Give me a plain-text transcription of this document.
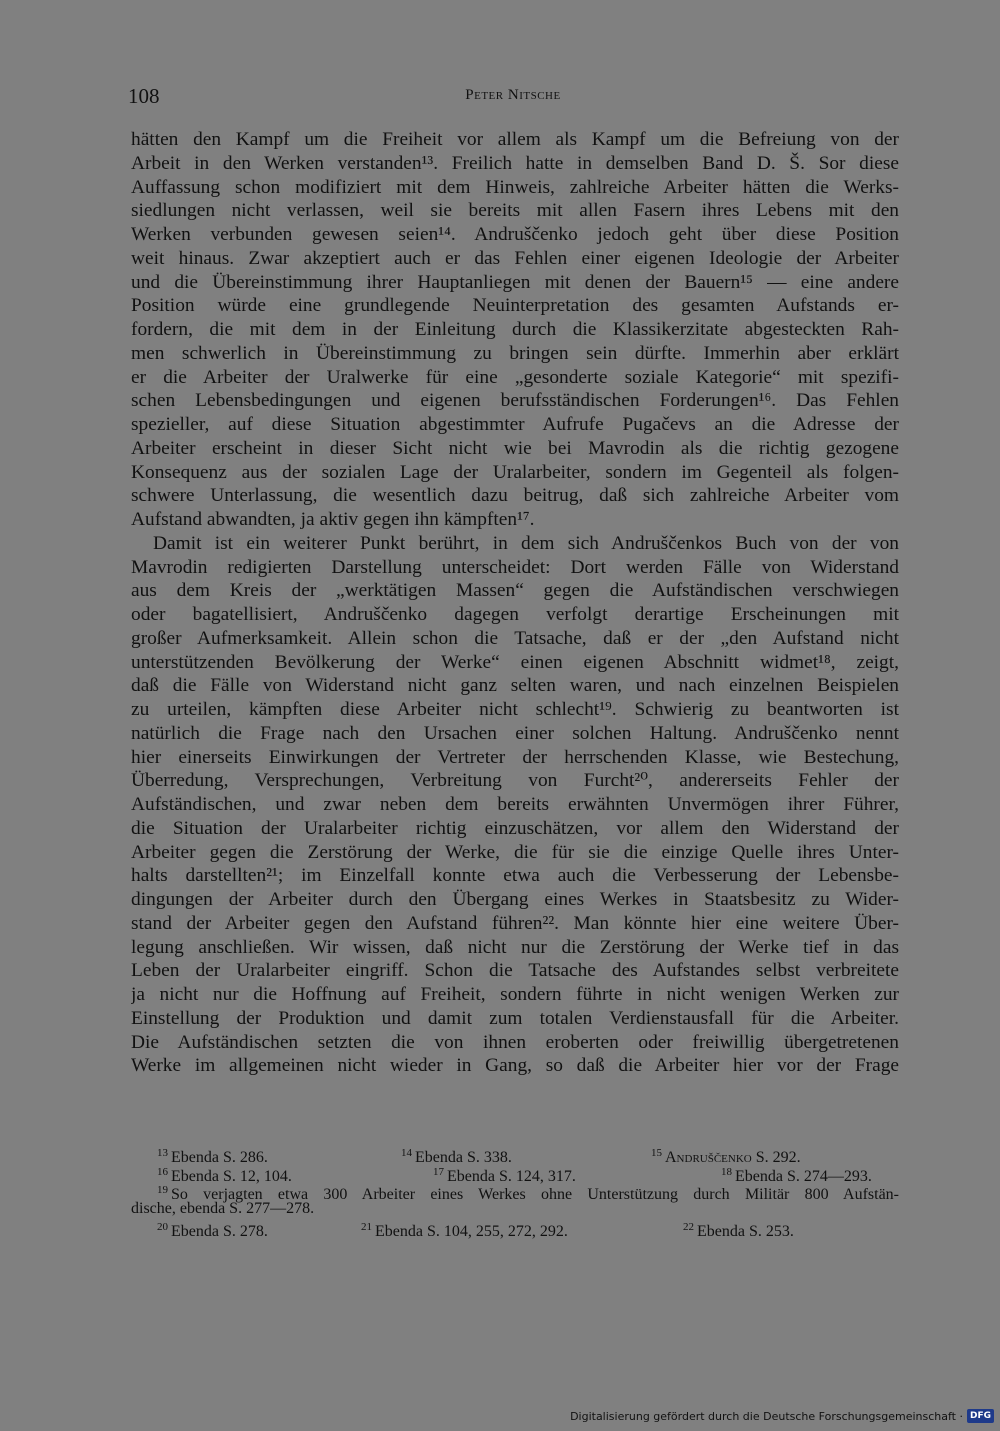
108	Peter Nitsche
hätten den Kampf um die Freiheit vor allem als Kampf um die Befreiung von der
Arbeit in den Werken verstanden¹³. Freilich hatte in demselben Band D. Š. Sor diese
Auffassung schon modifiziert mit dem Hinweis, zahlreiche Arbeiter hätten die Werks-
siedlungen nicht verlassen, weil sie bereits mit allen Fasern ihres Lebens mit den
Werken verbunden gewesen seien¹⁴. Andruščenko jedoch geht über diese Position
weit hinaus. Zwar akzeptiert auch er das Fehlen einer eigenen Ideologie der Arbeiter
und die Übereinstimmung ihrer Hauptanliegen mit denen der Bauern¹⁵ — eine andere
Position würde eine grundlegende Neuinterpretation des gesamten Aufstands er-
fordern, die mit dem in der Einleitung durch die Klassikerzitate abgesteckten Rah-
men schwerlich in Übereinstimmung zu bringen sein dürfte. Immerhin aber erklärt
er die Arbeiter der Uralwerke für eine „gesonderte soziale Kategorie“ mit spezifi-
schen Lebensbedingungen und eigenen berufsständischen Forderungen¹⁶. Das Fehlen
spezieller, auf diese Situation abgestimmter Aufrufe Pugačevs an die Adresse der
Arbeiter erscheint in dieser Sicht nicht wie bei Mavrodin als die richtig gezogene
Konsequenz aus der sozialen Lage der Uralarbeiter, sondern im Gegenteil als folgen-
schwere Unterlassung, die wesentlich dazu beitrug, daß sich zahlreiche Arbeiter vom
Aufstand abwandten, ja aktiv gegen ihn kämpften¹⁷.
Damit ist ein weiterer Punkt berührt, in dem sich Andruščenkos Buch von der von
Mavrodin redigierten Darstellung unterscheidet: Dort werden Fälle von Widerstand
aus dem Kreis der „werktätigen Massen“ gegen die Aufständischen verschwiegen
oder bagatellisiert, Andruščenko dagegen verfolgt derartige Erscheinungen mit
großer Aufmerksamkeit. Allein schon die Tatsache, daß er der „den Aufstand nicht
unterstützenden Bevölkerung der Werke“ einen eigenen Abschnitt widmet¹⁸, zeigt,
daß die Fälle von Widerstand nicht ganz selten waren, und nach einzelnen Beispielen
zu urteilen, kämpften diese Arbeiter nicht schlecht¹⁹. Schwierig zu beantworten ist
natürlich die Frage nach den Ursachen einer solchen Haltung. Andruščenko nennt
hier einerseits Einwirkungen der Vertreter der herrschenden Klasse, wie Bestechung,
Überredung, Versprechungen, Verbreitung von Furcht²⁰, andererseits Fehler der
Aufständischen, und zwar neben dem bereits erwähnten Unvermögen ihrer Führer,
die Situation der Uralarbeiter richtig einzuschätzen, vor allem den Widerstand der
Arbeiter gegen die Zerstörung der Werke, die für sie die einzige Quelle ihres Unter-
halts darstellten²¹; im Einzelfall konnte etwa auch die Verbesserung der Lebensbe-
dingungen der Arbeiter durch den Übergang eines Werkes in Staatsbesitz zu Wider-
stand der Arbeiter gegen den Aufstand führen²². Man könnte hier eine weitere Über-
legung anschließen. Wir wissen, daß nicht nur die Zerstörung der Werke tief in das
Leben der Uralarbeiter eingriff. Schon die Tatsache des Aufstandes selbst verbreitete
ja nicht nur die Hoffnung auf Freiheit, sondern führte in nicht wenigen Werken zur
Einstellung der Produktion und damit zum totalen Verdienstausfall für die Arbeiter.
Die Aufständischen setzten die von ihnen eroberten oder freiwillig übergetretenen
Werke im allgemeinen nicht wieder in Gang, so daß die Arbeiter hier vor der Frage
$^{13}$ Ebenda S. 286.	$^{14}$ Ebenda S. 338.	$^{15}$ Andruščenko S. 292.
$^{16}$ Ebenda S. 12, 104.	$^{17}$ Ebenda S. 124, 317.	$^{18}$ Ebenda S. 274—293.
$^{19}$ So verjagten etwa 300 Arbeiter eines Werkes ohne Unterstützung durch Militär 800 Aufstän-
dische, ebenda S. 277—278.
$^{20}$ Ebenda S. 278.	$^{21}$ Ebenda S. 104, 255, 272, 292.	$^{22}$ Ebenda S. 253.
Digitalisierung gefördert durch die Deutsche Forschungsgemeinschaft · DFG
